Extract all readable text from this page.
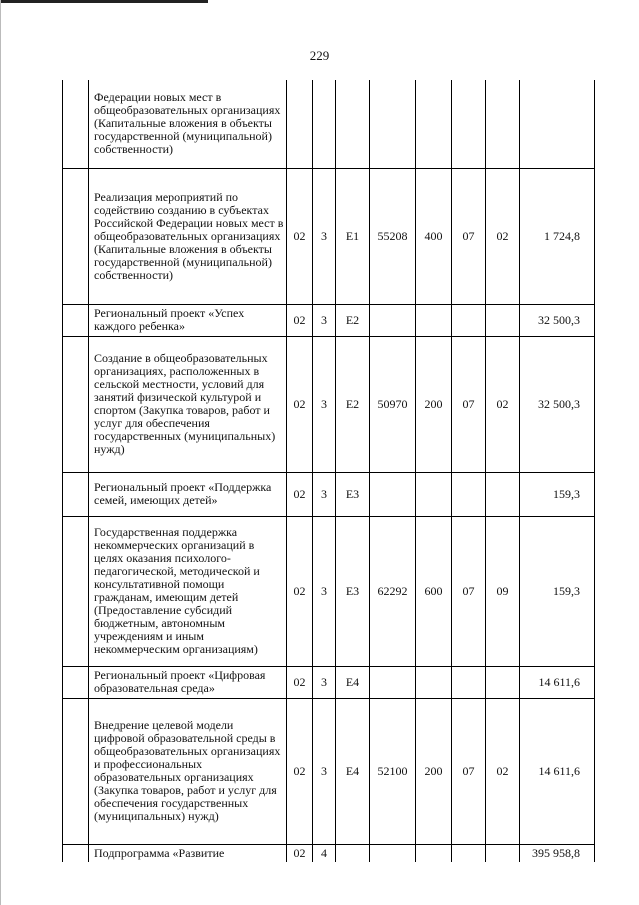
229
	Федерации новых мест в общеобразовательных организациях (Капитальные вложения в объекты государственной (муниципальной) собственности)								
	Реализация мероприятий по содействию созданию в субъектах Российской Федерации новых мест в общеобразовательных организациях (Капитальные вложения в объекты государственной (муниципальной) собственности)	02	3	Е1	55208	400	07	02	1 724,8
	Региональный проект «Успех каждого ребенка»	02	3	Е2					32 500,3
	Создание в общеобразовательных организациях, расположенных в сельской местности, условий для занятий физической культурой и спортом (Закупка товаров, работ и услуг для обеспечения государственных (муниципальных) нужд)	02	3	Е2	50970	200	07	02	32 500,3
	Региональный проект «Поддержка семей, имеющих детей»	02	3	Е3					159,3
	Государственная поддержка некоммерческих организаций в целях оказания психолого-педагогической, методической и консультативной помощи гражданам, имеющим детей (Предоставление субсидий бюджетным, автономным учреждениям и иным некоммерческим организациям)	02	3	Е3	62292	600	07	09	159,3
	Региональный проект «Цифровая образовательная среда»	02	3	Е4					14 611,6
	Внедрение целевой модели цифровой образовательной среды в общеобразовательных организациях и профессиональных образовательных организациях (Закупка товаров, работ и услуг для обеспечения государственных (муниципальных) нужд)	02	3	Е4	52100	200	07	02	14 611,6
	Подпрограмма «Развитие	02	4						395 958,8
